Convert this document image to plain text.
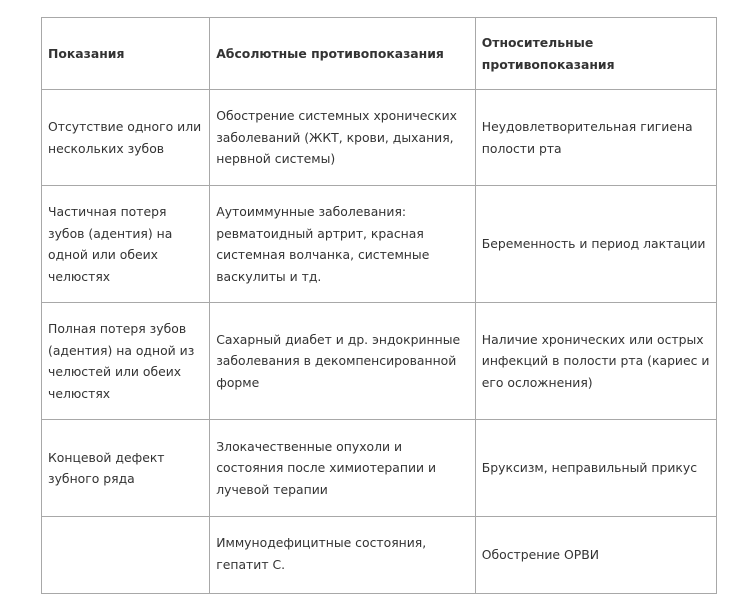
Показания	Абсолютные противопоказания	Относительные противопоказания
Отсутствие одного или нескольких зубов	Обострение системных хронических заболеваний (ЖКТ, крови, дыхания, нервной системы)	Неудовлетворительная гигиена полости рта
Частичная потеря зубов (адентия) на одной или обеих челюстях	Аутоиммунные заболевания: ревматоидный артрит, красная системная волчанка, системные васкулиты и тд.	Беременность и период лактации
Полная потеря зубов (адентия) на одной из челюстей или обеих челюстях	Сахарный диабет и др. эндокринные заболевания в декомпенсированной форме	Наличие хронических или острых инфекций в полости рта (кариес и его осложнения)
Концевой дефект зубного ряда	Злокачественные опухоли и состояния после химиотерапии и лучевой терапии	Бруксизм, неправильный прикус
	Иммунодефицитные состояния, гепатит С.	Обострение ОРВИ
